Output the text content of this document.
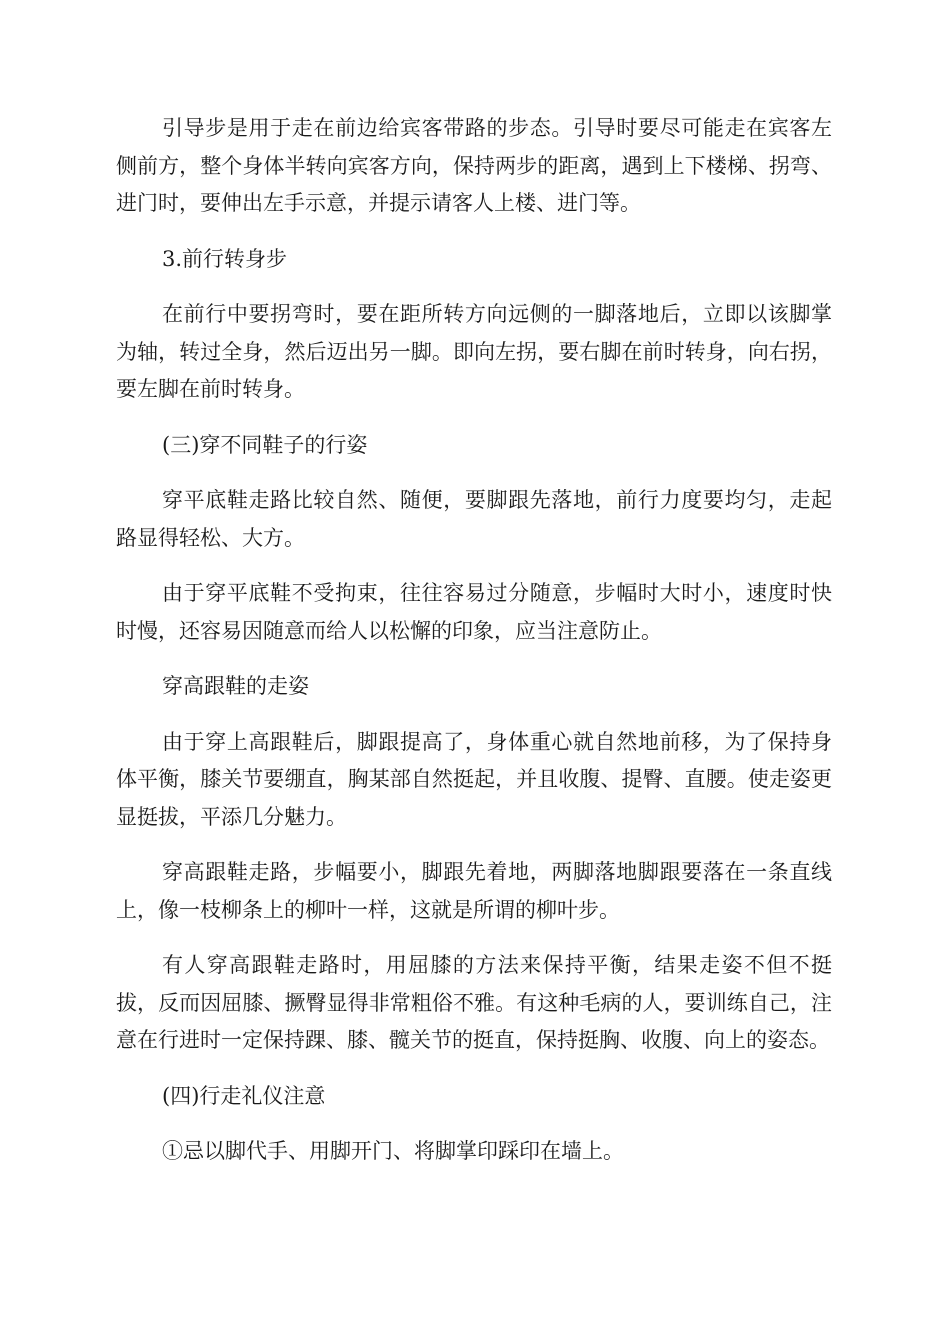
引导步是用于走在前边给宾客带路的步态。引导时要尽可能走在宾客左侧前方，整个身体半转向宾客方向，保持两步的距离，遇到上下楼梯、拐弯、进门时，要伸出左手示意，并提示请客人上楼、进门等。

3.前行转身步

在前行中要拐弯时，要在距所转方向远侧的一脚落地后，立即以该脚掌为轴，转过全身，然后迈出另一脚。即向左拐，要右脚在前时转身，向右拐，要左脚在前时转身。

(三)穿不同鞋子的行姿

穿平底鞋走路比较自然、随便，要脚跟先落地，前行力度要均匀，走起路显得轻松、大方。

由于穿平底鞋不受拘束，往往容易过分随意，步幅时大时小，速度时快时慢，还容易因随意而给人以松懈的印象，应当注意防止。

穿高跟鞋的走姿

由于穿上高跟鞋后，脚跟提高了，身体重心就自然地前移，为了保持身体平衡，膝关节要绷直，胸某部自然挺起，并且收腹、提臀、直腰。使走姿更显挺拔，平添几分魅力。

穿高跟鞋走路，步幅要小，脚跟先着地，两脚落地脚跟要落在一条直线上，像一枝柳条上的柳叶一样，这就是所谓的柳叶步。

有人穿高跟鞋走路时，用屈膝的方法来保持平衡，结果走姿不但不挺拔，反而因屈膝、撅臀显得非常粗俗不雅。有这种毛病的人，要训练自己，注意在行进时一定保持踝、膝、髋关节的挺直，保持挺胸、收腹、向上的姿态。

(四)行走礼仪注意

①忌以脚代手、用脚开门、将脚掌印踩印在墙上。
